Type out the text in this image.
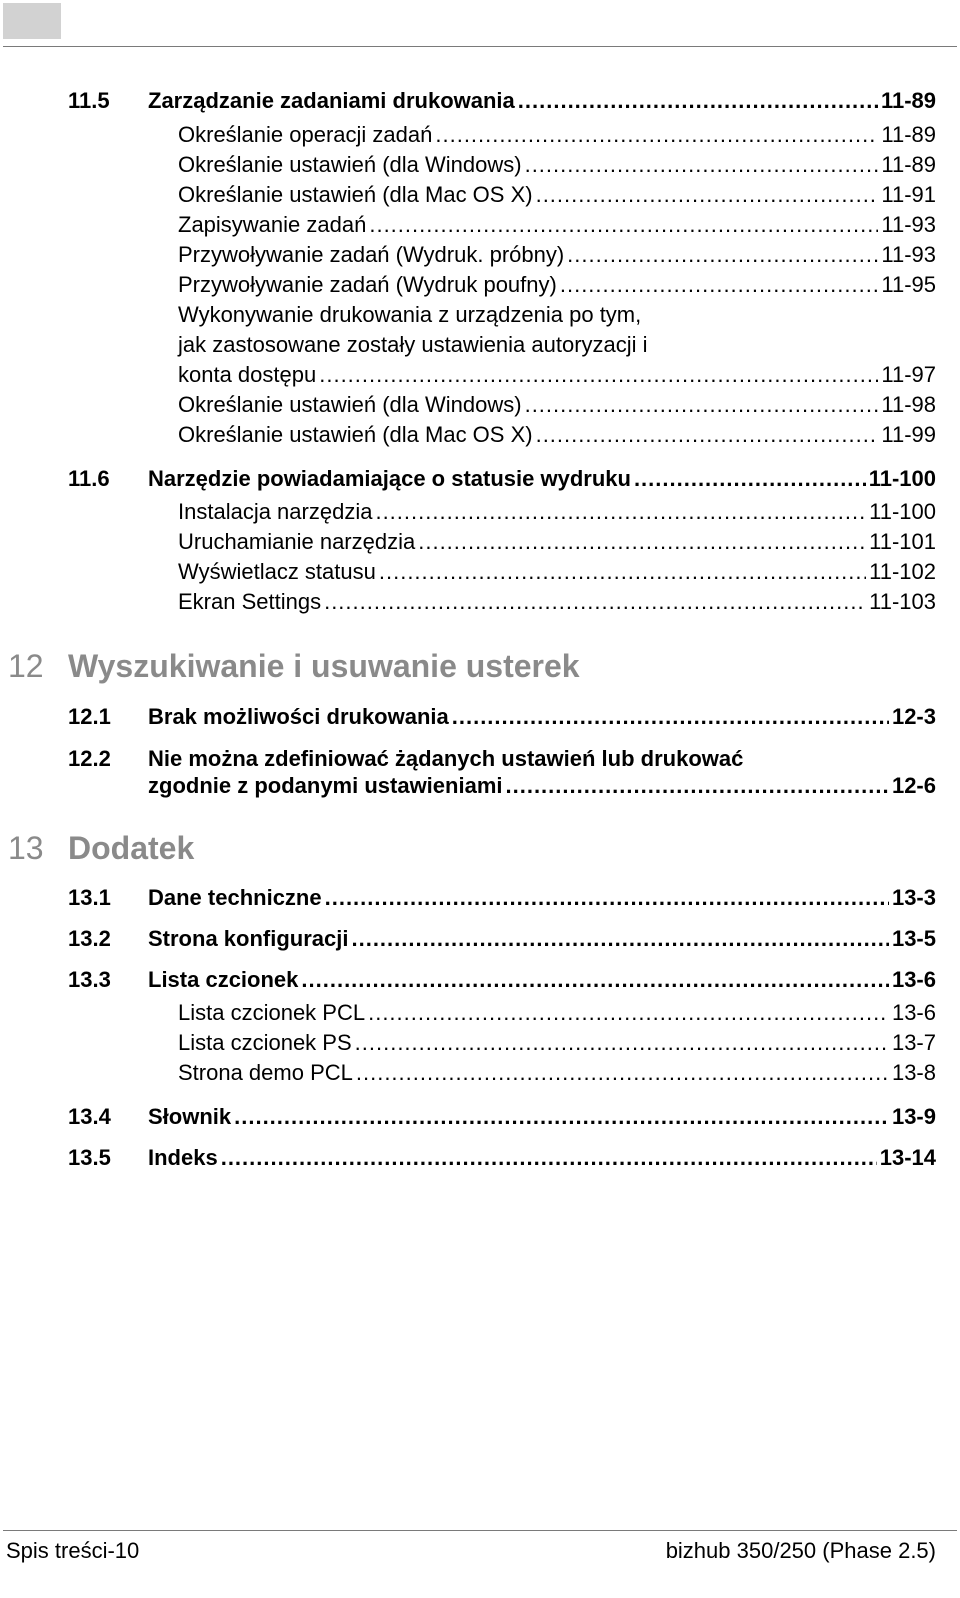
11.5	Zarządzanie zadaniami drukowania .....	11-89
Określanie operacji zadań .....	11-89
Określanie ustawień (dla Windows) .....	11-89
Określanie ustawień (dla Mac OS X) .....	11-91
Zapisywanie zadań .....	11-93
Przywoływanie zadań (Wydruk. próbny) .....	11-93
Przywoływanie zadań (Wydruk poufny) .....	11-95
Wykonywanie drukowania z urządzenia po tym,
jak zastosowane zostały ustawienia autoryzacji i
konta dostępu .....	11-97
Określanie ustawień (dla Windows) .....	11-98
Określanie ustawień (dla Mac OS X) .....	11-99
11.6	Narzędzie powiadamiające o statusie wydruku .....	11-100
Instalacja narzędzia .....	11-100
Uruchamianie narzędzia .....	11-101
Wyświetlacz statusu .....	11-102
Ekran Settings .....	11-103
12 Wyszukiwanie i usuwanie usterek
12.1	Brak możliwości drukowania .....	12-3
12.2 Nie można zdefiniować żądanych ustawień lub drukować
zgodnie z podanymi ustawieniami .....	12-6
13 Dodatek
13.1	Dane techniczne .....	13-3
13.2	Strona konfiguracji .....	13-5
13.3	Lista czcionek .....	13-6
Lista czcionek PCL .....	13-6
Lista czcionek PS .....	13-7
Strona demo PCL .....	13-8
13.4	Słownik .....	13-9
13.5	Indeks .....	13-14
Spis treści-10	bizhub 350/250 (Phase 2.5)
